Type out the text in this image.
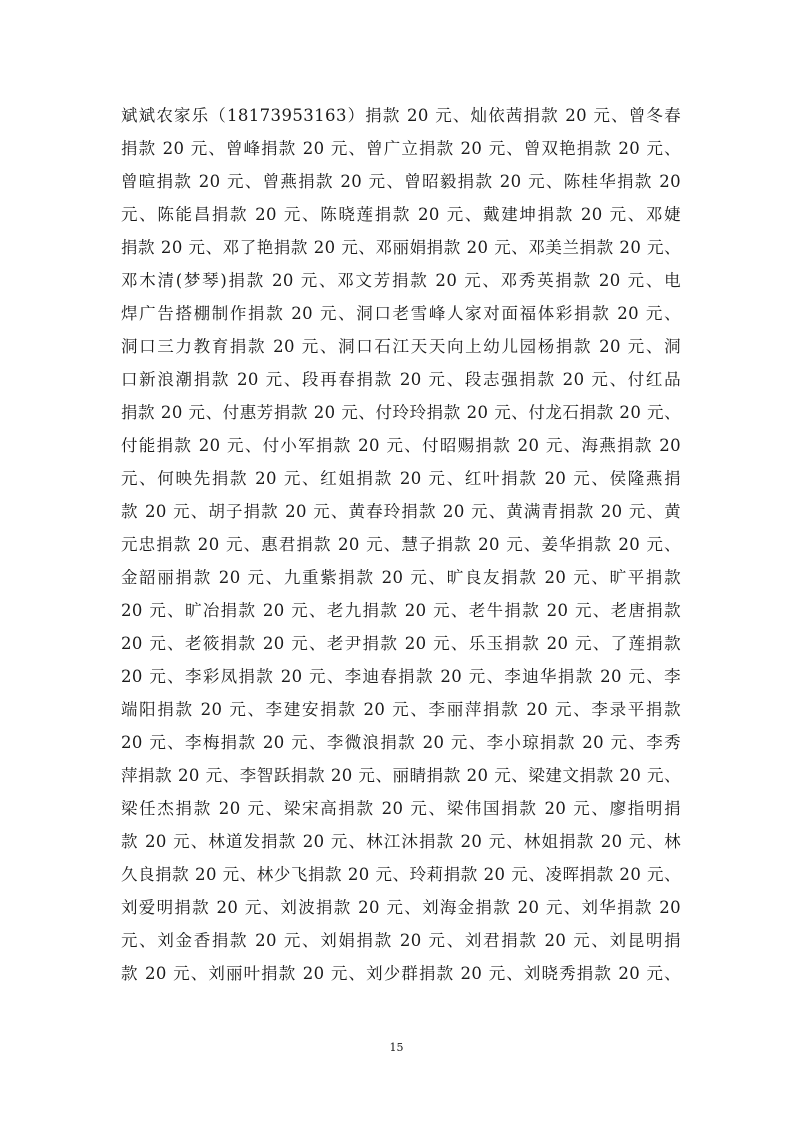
斌斌农家乐（18173953163）捐款 20 元、灿依茜捐款 20 元、曾冬春
捐款 20 元、曾峰捐款 20 元、曾广立捐款 20 元、曾双艳捐款 20 元、
曾暄捐款 20 元、曾燕捐款 20 元、曾昭毅捐款 20 元、陈桂华捐款 20
元、陈能昌捐款 20 元、陈晓莲捐款 20 元、戴建坤捐款 20 元、邓婕
捐款 20 元、邓了艳捐款 20 元、邓丽娟捐款 20 元、邓美兰捐款 20 元、
邓木清(梦琴)捐款 20 元、邓文芳捐款 20 元、邓秀英捐款 20 元、电
焊广告搭棚制作捐款 20 元、洞口老雪峰人家对面福体彩捐款 20 元、
洞口三力教育捐款 20 元、洞口石江天天向上幼儿园杨捐款 20 元、洞
口新浪潮捐款 20 元、段再春捐款 20 元、段志强捐款 20 元、付红品
捐款 20 元、付惠芳捐款 20 元、付玲玲捐款 20 元、付龙石捐款 20 元、
付能捐款 20 元、付小军捐款 20 元、付昭赐捐款 20 元、海燕捐款 20
元、何映先捐款 20 元、红姐捐款 20 元、红叶捐款 20 元、侯隆燕捐
款 20 元、胡子捐款 20 元、黄春玲捐款 20 元、黄满青捐款 20 元、黄
元忠捐款 20 元、惠君捐款 20 元、慧子捐款 20 元、姜华捐款 20 元、
金韶丽捐款 20 元、九重紫捐款 20 元、旷良友捐款 20 元、旷平捐款
20 元、旷冶捐款 20 元、老九捐款 20 元、老牛捐款 20 元、老唐捐款
20 元、老筱捐款 20 元、老尹捐款 20 元、乐玉捐款 20 元、了莲捐款
20 元、李彩凤捐款 20 元、李迪春捐款 20 元、李迪华捐款 20 元、李
端阳捐款 20 元、李建安捐款 20 元、李丽萍捐款 20 元、李录平捐款
20 元、李梅捐款 20 元、李微浪捐款 20 元、李小琼捐款 20 元、李秀
萍捐款 20 元、李智跃捐款 20 元、丽睛捐款 20 元、梁建文捐款 20 元、
梁任杰捐款 20 元、梁宋高捐款 20 元、梁伟国捐款 20 元、廖指明捐
款 20 元、林道发捐款 20 元、林江沐捐款 20 元、林姐捐款 20 元、林
久良捐款 20 元、林少飞捐款 20 元、玲莉捐款 20 元、凌晖捐款 20 元、
刘爱明捐款 20 元、刘波捐款 20 元、刘海金捐款 20 元、刘华捐款 20
元、刘金香捐款 20 元、刘娟捐款 20 元、刘君捐款 20 元、刘昆明捐
款 20 元、刘丽叶捐款 20 元、刘少群捐款 20 元、刘晓秀捐款 20 元、
15
